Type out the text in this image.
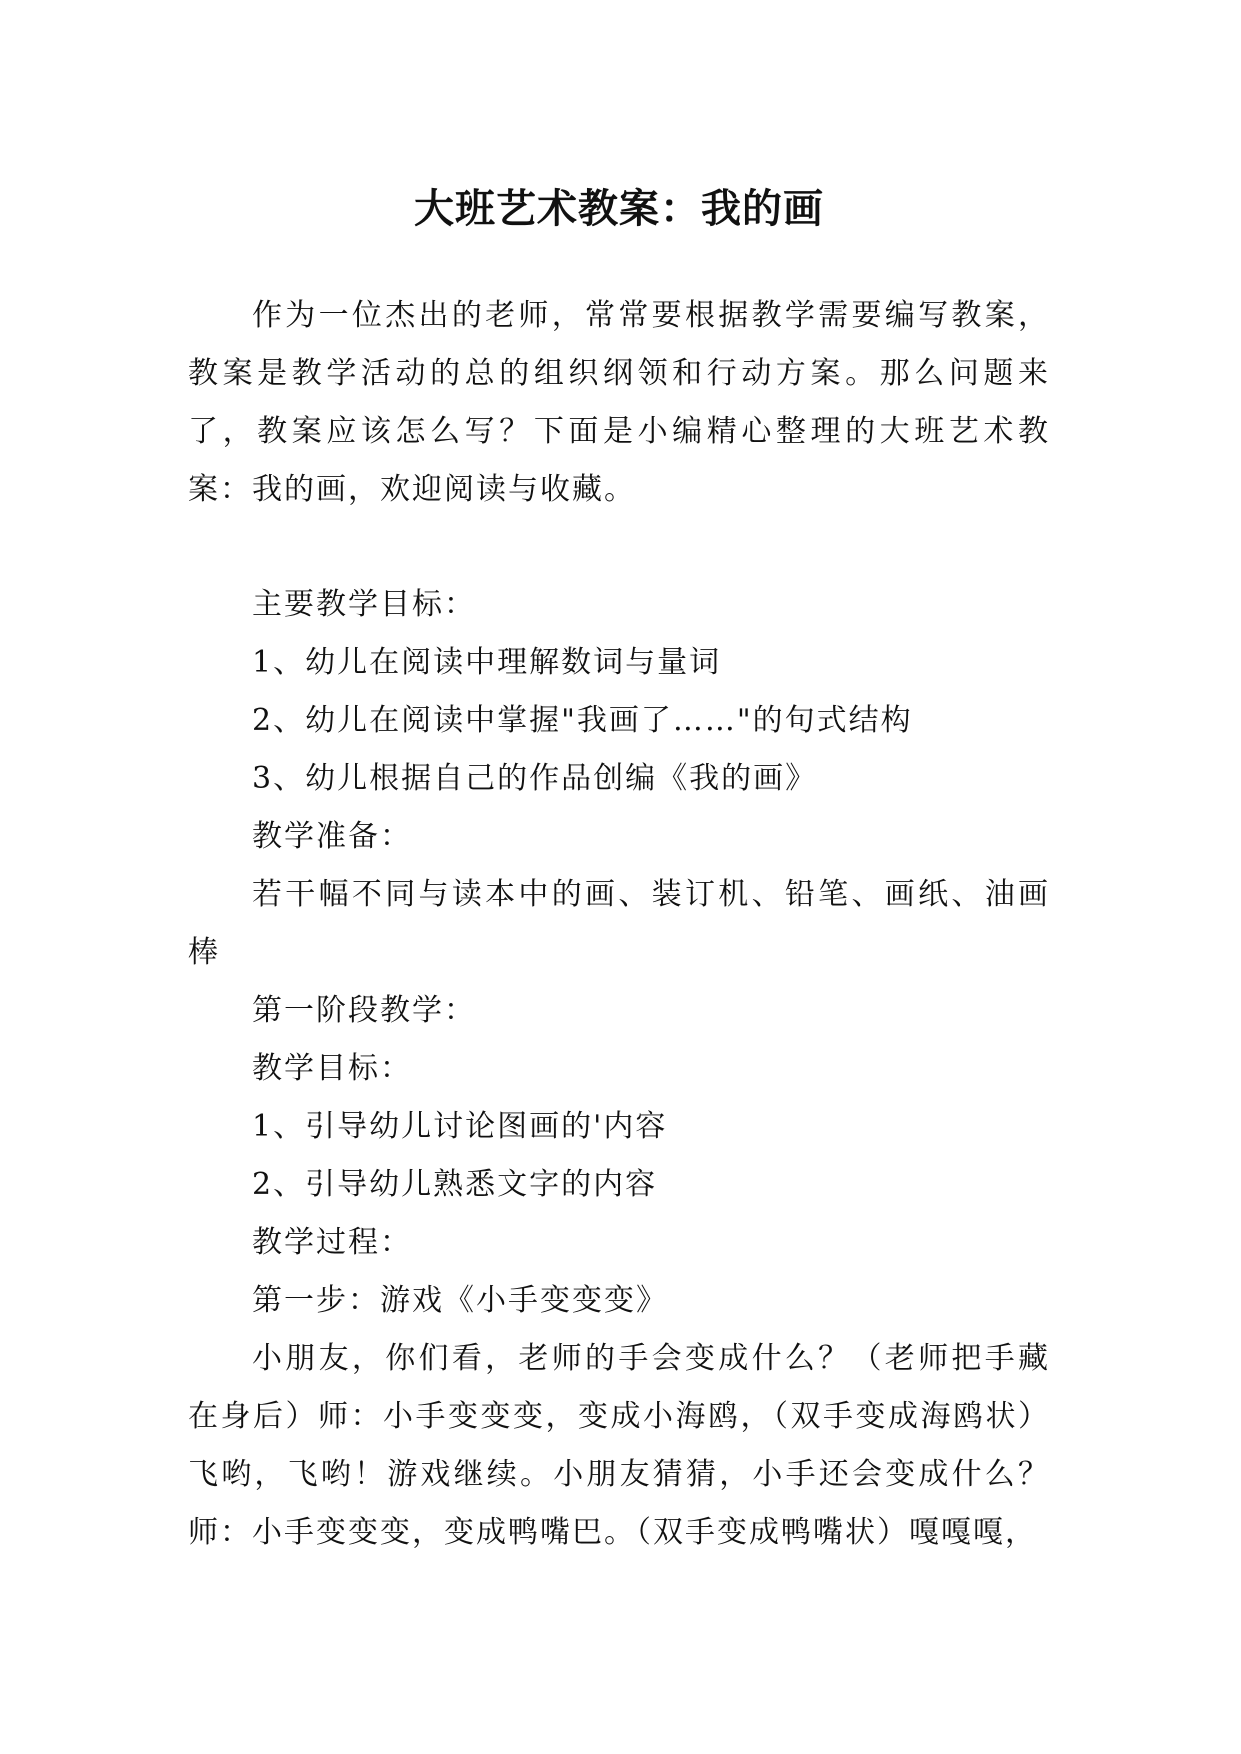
大班艺术教案：我的画

作为一位杰出的老师，常常要根据教学需要编写教案，教案是教学活动的总的组织纲领和行动方案。那么问题来了，教案应该怎么写？下面是小编精心整理的大班艺术教案：我的画，欢迎阅读与收藏。

主要教学目标：

1、幼儿在阅读中理解数词与量词

2、幼儿在阅读中掌握"我画了……"的句式结构

3、幼儿根据自己的作品创编《我的画》

教学准备：

若干幅不同与读本中的画、装订机、铅笔、画纸、油画棒

第一阶段教学：

教学目标：

1、引导幼儿讨论图画的'内容

2、引导幼儿熟悉文字的内容

教学过程：

第一步：游戏《小手变变变》

小朋友，你们看，老师的手会变成什么？（老师把手藏在身后）师：小手变变变，变成小海鸥，（双手变成海鸥状）飞哟，飞哟！游戏继续。小朋友猜猜，小手还会变成什么？师：小手变变变，变成鸭嘴巴。（双手变成鸭嘴状）嘎嘎嘎，
